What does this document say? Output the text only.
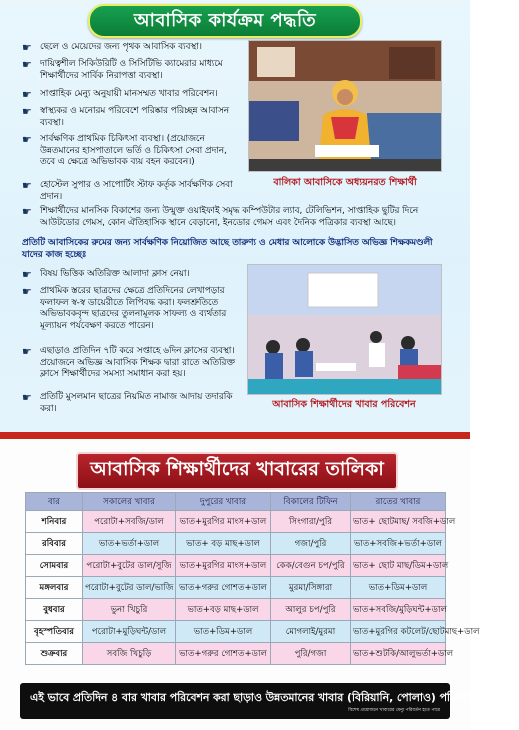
আবাসিক কার্যক্রম পদ্ধতি
☛ ছেলে ও মেয়েদের জন্য পৃথক আবাসিক ব্যবস্থা।
☛ দায়িত্বশীল সিকিউরিটি ও সিসিটিভি ক্যামেরার মাধ্যমে শিক্ষার্থীদের সার্বিক নিরাপত্তা ব্যবস্থা।
☛ সাপ্তাহিক মেন্যু অনুযায়ী মানসম্মত খাবার পরিবেশন।
☛ স্বাস্থ্যকর ও মনোরম পরিবেশে পরিষ্কার পরিচ্ছন্ন আবাসন ব্যবস্থা।
☛ সার্বক্ষণিক প্রাথমিক চিকিৎসা ব্যবস্থা। (প্রয়োজনে উন্নতমানের হাসপাতালে ভর্তি ও চিকিৎসা সেবা প্রদান, তবে এ ক্ষেত্রে অভিভাবক ব্যয় বহন করবেন।)
☛ হোস্টেল সুপার ও সাপোর্টিং স্টাফ কর্তৃক সার্বক্ষণিক সেবা প্রদান।
বালিকা আবাসিকে অধ্যয়নরত শিক্ষার্থী
☛ শিক্ষার্থীদের মানসিক বিকাশের জন্য উন্মুক্ত ওয়াইফাই সমৃদ্ধ কম্পিউটার ল্যাব, টেলিভিশন, সাপ্তাহিক ছুটির দিনে আউটডোর গেমস, কোন ঐতিহাসিক স্থানে বেড়ানো, ইনডোর গেমস এবং দৈনিক পত্রিকার ব্যবস্থা আছে।
প্রতিটি আবাসিকের রুমের জন্য সার্বক্ষণিক নিয়োজিত আছে তারুণ্য ও মেধার আলোকে উদ্ভাসিত অভিজ্ঞ শিক্ষকমণ্ডলী যাদের কাজ হচ্ছেঃ
☛ বিষয় ভিত্তিক অতিরিক্ত আলাদা ক্লাস নেয়া।
☛ প্রাথমিক স্তরের ছাত্রদের ক্ষেত্রে প্রতিদিনের লেখাপড়ার ফলাফল স্ব-স্ব ডায়েরীতে লিপিবদ্ধ করা। ফলশ্রুতিতে অভিভাবকবৃন্দ ছাত্রদের তুলনামূলক সাফল্য ও ব্যর্থতার মূল্যায়ন পর্যবেক্ষণ করতে পারেন।
☛ এছাড়াও প্রতিদিন ৭টি করে সপ্তাহে ৬দিন ক্লাসের ব্যবস্থা। প্রয়োজনে অভিজ্ঞ আবাসিক শিক্ষক দ্বারা রাতে অতিরিক্ত ক্লাসে শিক্ষার্থীদের সমস্যা সমাধান করা হয়।
☛ প্রতিটি মুসলমান ছাত্রের নিয়মিত নামাজ আদায় তদারকি করা।	আবাসিক শিক্ষার্থীদের খাবার পরিবেশন
আবাসিক শিক্ষার্থীদের খাবারের তালিকা
বার	সকালের খাবার	দুপুরের খাবার	বিকালের টিফিন	রাতের খাবার
শনিবার	পরোটা+সবজি/ডাল	ভাত+মুরগির মাংস+ডাল	সিংগারা/পুরি	ভাত+ ছোটমাছ/ সবজি+ডাল
রবিবার	ভাত+ভর্তা+ডাল	ভাত+ বড় মাছ+ডাল	গজা/পুরি	ভাত+সবজি+ভর্তা+ডাল
সোমবার	পরোটা+বুটের ডাল/সুজি	ভাত+মুরগির মাংস+ডাল	কেক/বেগুন চপ/পুরি	ভাত+ ছোট মাছ/ডিম+ডাল
মঙ্গলবার	পরোটা+বুটের ডাল/ভাজি	ভাত+গরুর গোশত+ডাল	মুরমা/সিঙ্গারা	ভাত+ডিম+ডাল
বুধবার	ভুনা খিচুরি	ভাত+বড় মাছ+ডাল	আলুর চপ/পুরি	ভাত+সবজি/মুড়িঘন্ট+ডাল
বৃহস্পতিবার	পরোটা+মুড়িঘন্ট/ডাল	ভাত+ডিম+ডাল	মোগলাই/মুরমা	ভাত+মুরগির কটলেট/ছোটমাছ+ডাল
শুক্রবার	সবজি খিচুড়ি	ভাত+গরুর গোশত+ডাল	পুরি/গজা	ভাত+শুটকি/আলুভর্তা+ডাল
এই ভাবে প্রতিদিন ৪ বার খাবার পরিবেশন করা ছাড়াও উন্নতমানের খাবার (বিরিয়ানি, পোলাও) পরিবেশন করা হয়।
বিশেষ প্রয়োজনে খাবারের মেন্যু পরিবর্তন হতে পারে
